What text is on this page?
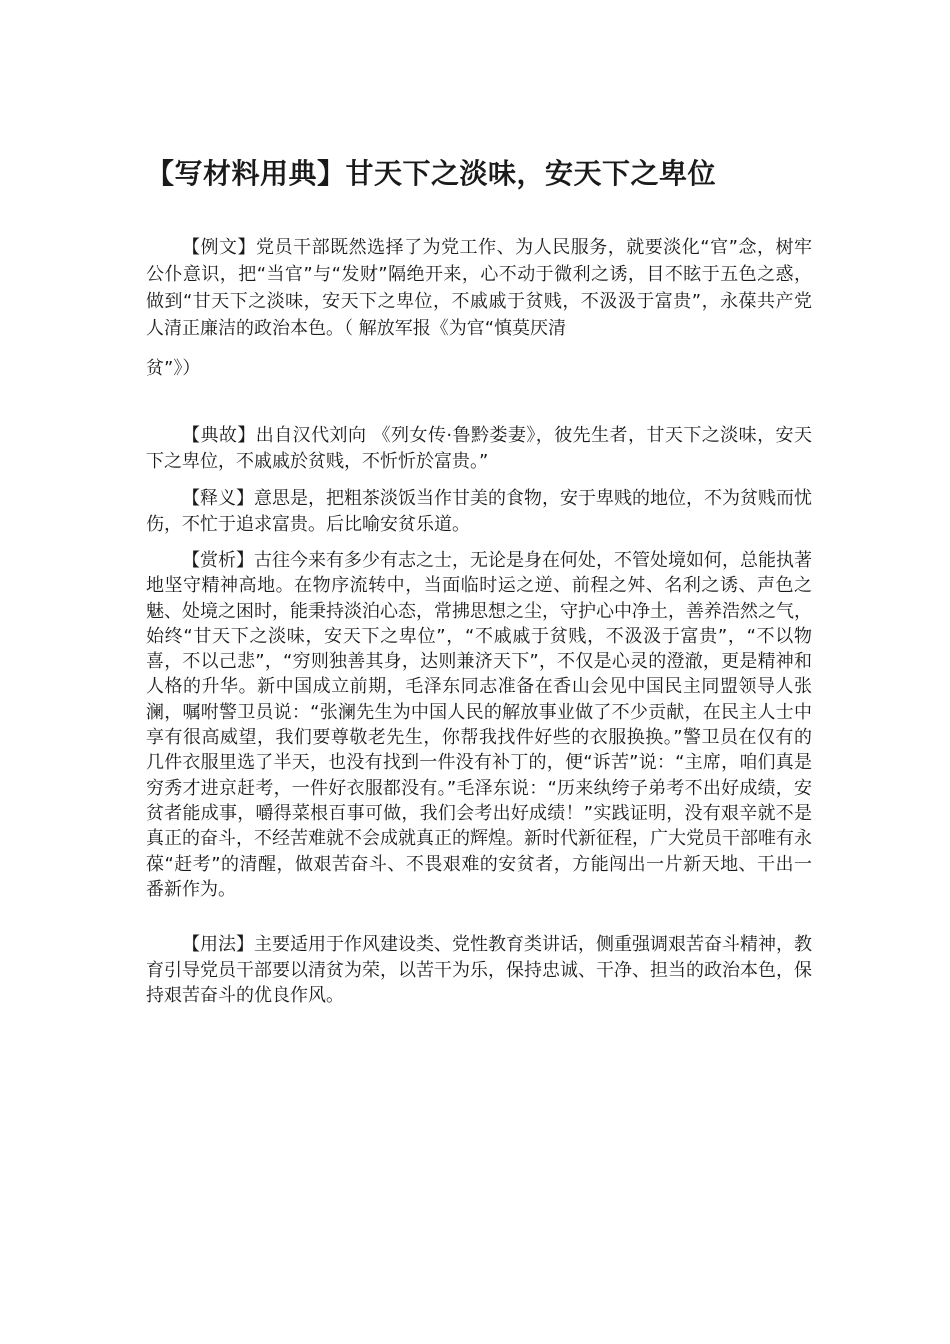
【写材料用典】甘天下之淡味，安天下之卑位
【例文】党员干部既然选择了为党工作、为人民服务，就要淡化“官”念，树牢公仆意识，把“当官”与“发财”隔绝开来，心不动于微利之诱，目不眩于五色之惑，做到“甘天下之淡味，安天下之卑位，不戚戚于贫贱，不汲汲于富贵”，永葆共产党人清正廉洁的政治本色。（ 解放军报《为官“慎莫厌清
贫”》）
【典故】出自汉代刘向 《列女传·鲁黔娄妻》，彼先生者，甘天下之淡味，安天下之卑位，不戚戚於贫贱，不忻忻於富贵。”
【释义】意思是，把粗茶淡饭当作甘美的食物，安于卑贱的地位，不为贫贱而忧伤，不忙于追求富贵。后比喻安贫乐道。
【赏析】古往今来有多少有志之士，无论是身在何处，不管处境如何，总能执著地坚守精神高地。在物序流转中，当面临时运之逆、前程之舛、名利之诱、声色之魅、处境之困时，能秉持淡泊心态，常拂思想之尘，守护心中净土，善养浩然之气，始终“甘天下之淡味，安天下之卑位”，“不戚戚于贫贱，不汲汲于富贵”，“不以物喜，不以己悲”，“穷则独善其身，达则兼济天下”，不仅是心灵的澄澈，更是精神和人格的升华。新中国成立前期，毛泽东同志准备在香山会见中国民主同盟领导人张澜，嘱咐警卫员说：“张澜先生为中国人民的解放事业做了不少贡献，在民主人士中享有很高威望，我们要尊敬老先生，你帮我找件好些的衣服换换。”警卫员在仅有的几件衣服里选了半天，也没有找到一件没有补丁的，便“诉苦”说：“主席，咱们真是穷秀才进京赶考，一件好衣服都没有。”毛泽东说：“历来纨绔子弟考不出好成绩，安贫者能成事，嚼得菜根百事可做，我们会考出好成绩！”实践证明，没有艰辛就不是真正的奋斗，不经苦难就不会成就真正的辉煌。新时代新征程，广大党员干部唯有永葆“赶考”的清醒，做艰苦奋斗、不畏艰难的安贫者，方能闯出一片新天地、干出一番新作为。
【用法】主要适用于作风建设类、党性教育类讲话，侧重强调艰苦奋斗精神，教育引导党员干部要以清贫为荣，以苦干为乐，保持忠诚、干净、担当的政治本色，保持艰苦奋斗的优良作风。
